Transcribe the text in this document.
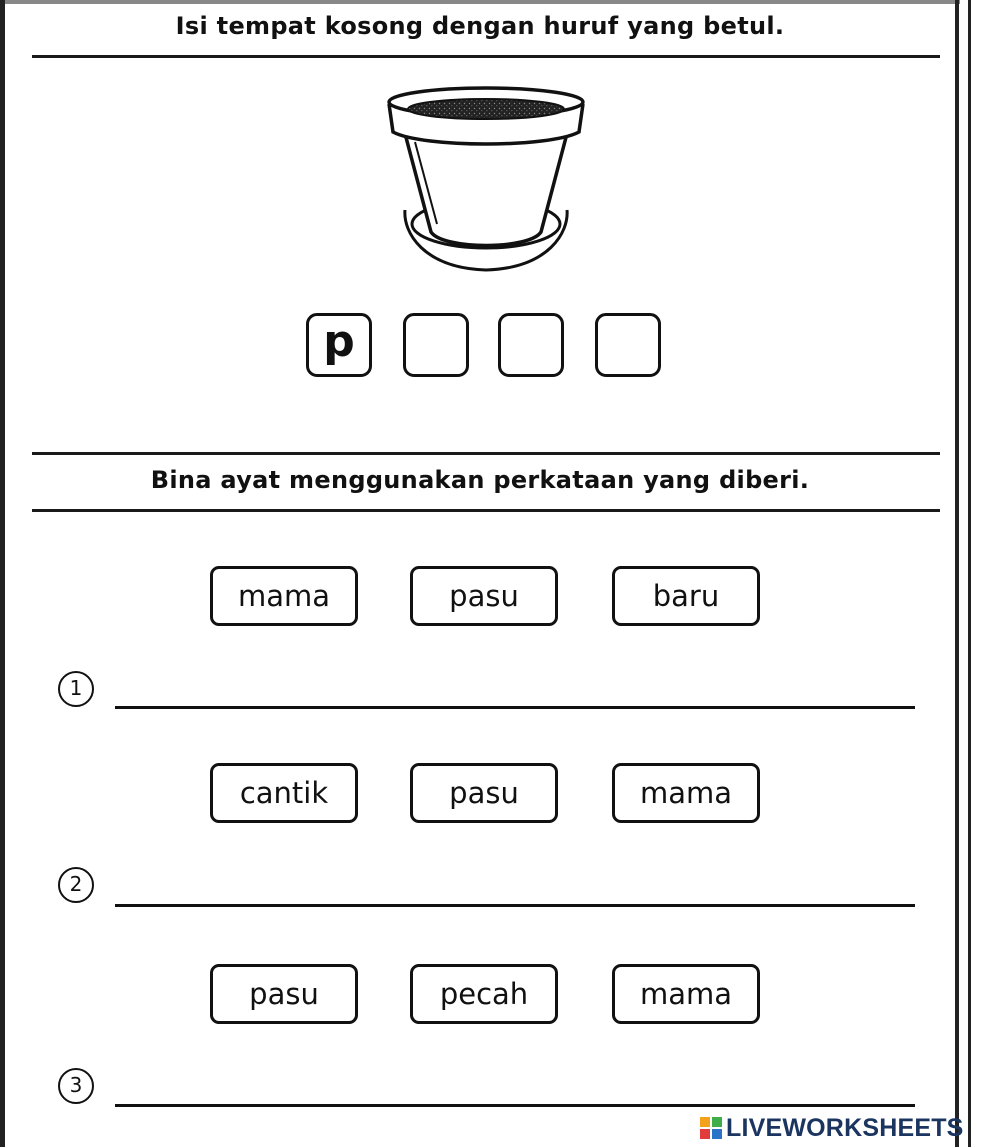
Isi tempat kosong dengan huruf yang betul.
p
Bina ayat menggunakan perkataan yang diberi.
mama	pasu	baru
1
cantik	pasu	mama
2
pasu	pecah	mama
3
LIVEWORKSHEETS
